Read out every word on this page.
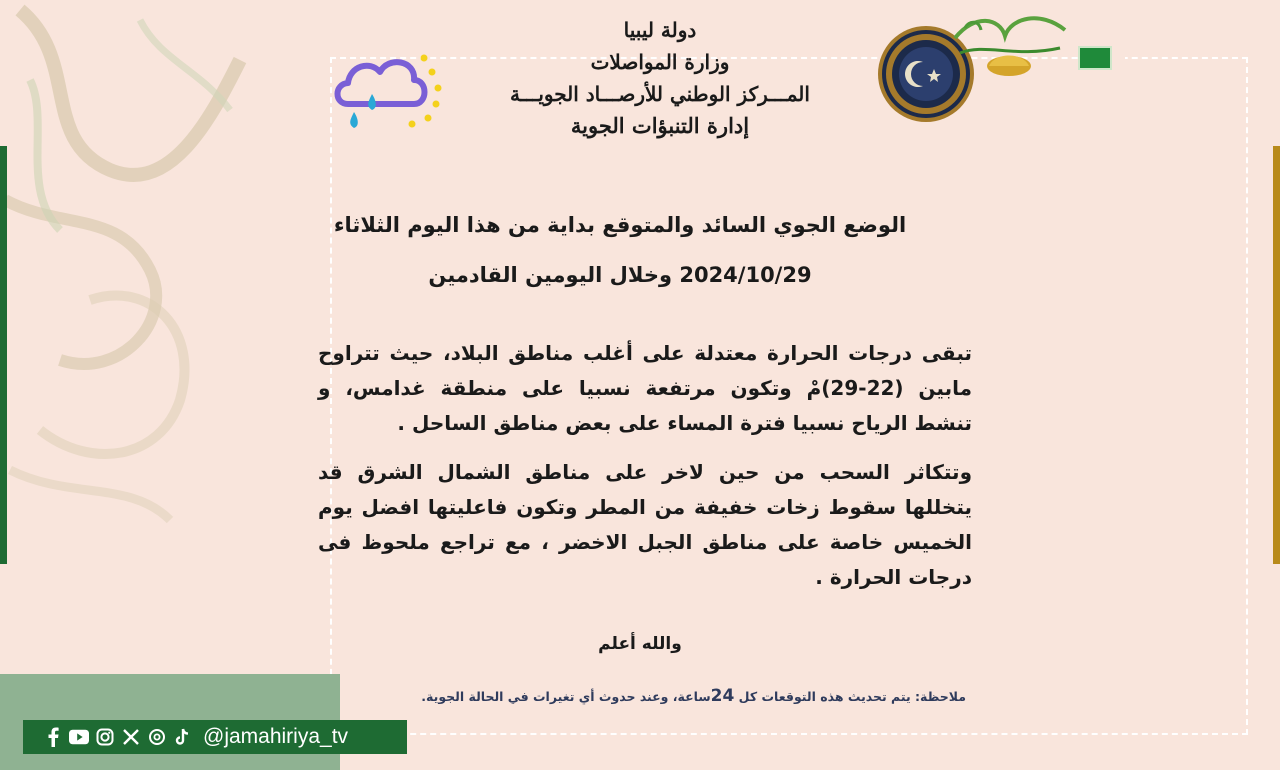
دولة ليبيا
وزارة المواصلات
المـــركز الوطني للأرصـــاد الجويـــة
إدارة التنبؤات الجوية
الوضع الجوي السائد والمتوقع بداية من هذا اليوم الثلاثاء
2024/10/29 وخلال اليومين القادمين
تبقى درجات الحرارة معتدلة على أغلب مناطق البلاد، حيث تتراوح مابين (22-29)مْ وتكون مرتفعة نسبيا على منطقة غدامس، و تنشط الرياح نسبيا فترة المساء على بعض مناطق الساحل .
وتتكاثر السحب من حين لاخر على مناطق الشمال الشرق قد يتخللها سقوط زخات خفيفة من المطر وتكون فاعليتها افضل يوم الخميس خاصة على مناطق الجبل الاخضر ، مع تراجع ملحوظ فى درجات الحرارة .
والله أعلم
ملاحظة: يتم تحديث هذه التوقعات كل 24ساعة، وعند حدوث أي تغيرات في الحالة الجوية.
@jamahiriya_tv
